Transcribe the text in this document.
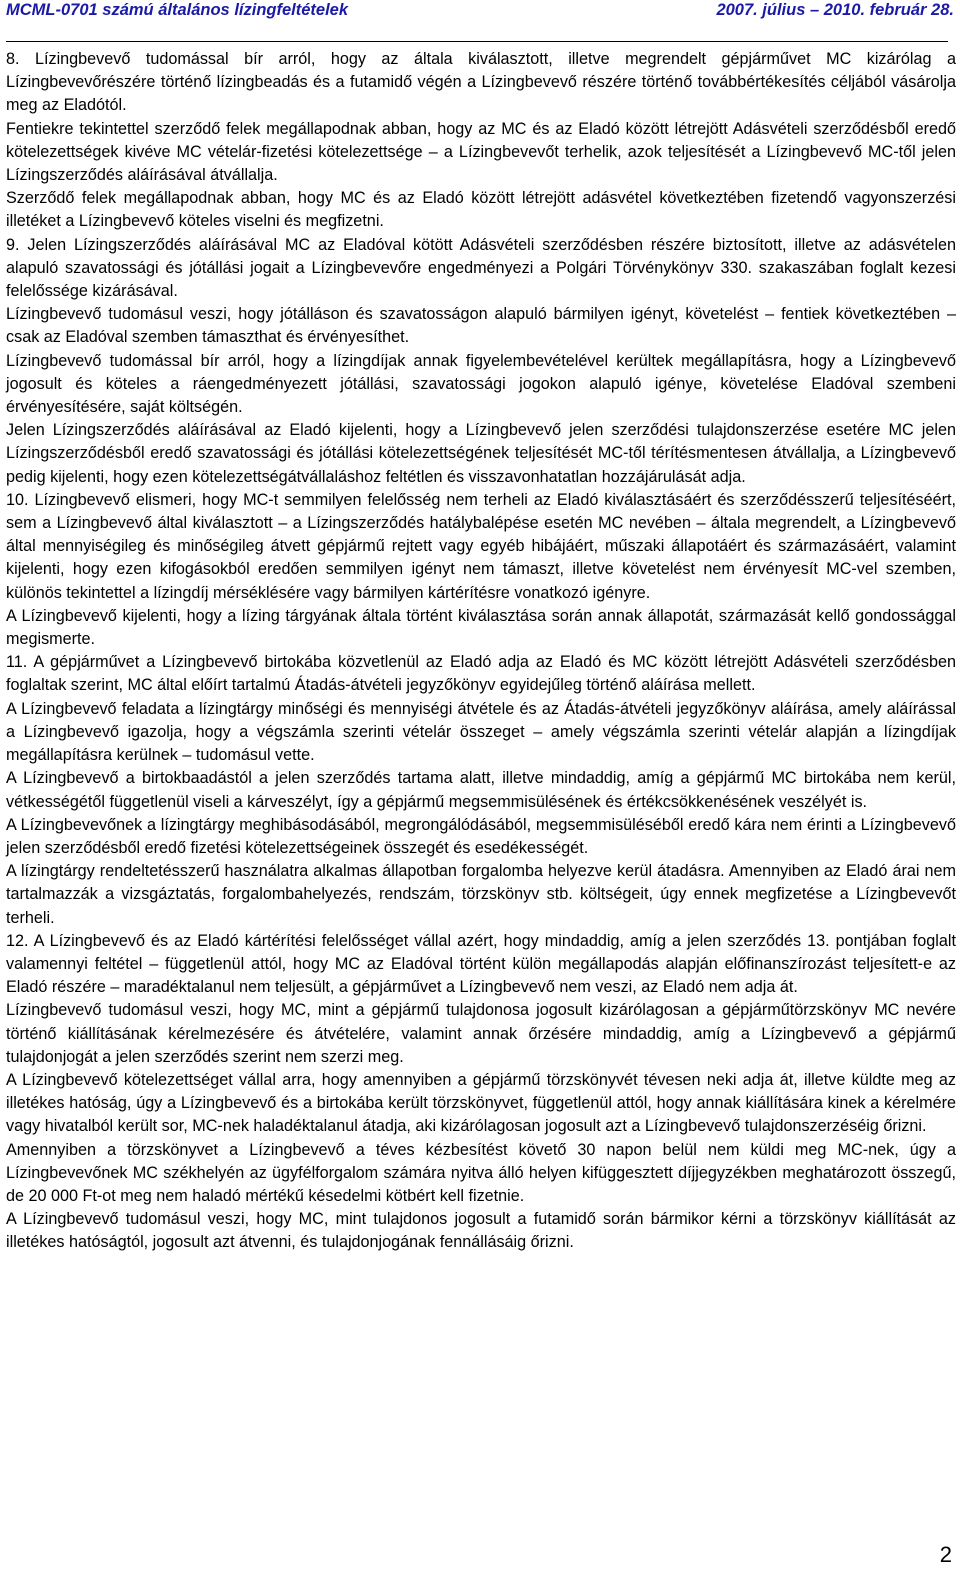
MCML-0701 számú általános lízingfeltételek	2007. július – 2010. február 28.

8. Lízingbevevő tudomással bír arról, hogy az általa kiválasztott, illetve megrendelt gépjárművet MC kizárólag a Lízingbevevőrészére történő lízingbeadás és a futamidő végén a Lízingbevevő részére történő továbbértékesítés céljából vásárolja meg az Eladótól.

Fentiekre tekintettel szerződő felek megállapodnak abban, hogy az MC és az Eladó között létrejött Adásvételi szerződésből eredő kötelezettségek kivéve MC vételár-fizetési kötelezettsége – a Lízingbevevőt terhelik, azok teljesítését a Lízingbevevő MC-től jelen Lízingszerződés aláírásával átvállalja.

Szerződő felek megállapodnak abban, hogy MC és az Eladó között létrejött adásvétel következtében fizetendő vagyonszerzési illetéket a Lízingbevevő köteles viselni és megfizetni.

9. Jelen Lízingszerződés aláírásával MC az Eladóval kötött Adásvételi szerződésben részére biztosított, illetve az adásvételen alapuló szavatossági és jótállási jogait a Lízingbevevőre engedményezi a Polgári Törvénykönyv 330. szakaszában foglalt kezesi felelőssége kizárásával.

Lízingbevevő tudomásul veszi, hogy jótálláson és szavatosságon alapuló bármilyen igényt, követelést – fentiek következtében – csak az Eladóval szemben támaszthat és érvényesíthet.

Lízingbevevő tudomással bír arról, hogy a lízingdíjak annak figyelembevételével kerültek megállapításra, hogy a Lízingbevevő jogosult és köteles a ráengedményezett jótállási, szavatossági jogokon alapuló igénye, követelése Eladóval szembeni érvényesítésére, saját költségén.

Jelen Lízingszerződés aláírásával az Eladó kijelenti, hogy a Lízingbevevő jelen szerződési tulajdonszerzése esetére MC jelen Lízingszerződésből eredő szavatossági és jótállási kötelezettségének teljesítését MC-től térítésmentesen átvállalja, a Lízingbevevő pedig kijelenti, hogy ezen kötelezettségátvállaláshoz feltétlen és visszavonhatatlan hozzájárulását adja.

10. Lízingbevevő elismeri, hogy MC-t semmilyen felelősség nem terheli az Eladó kiválasztásáért és szerződésszerű teljesítéséért, sem a Lízingbevevő által kiválasztott – a Lízingszerződés hatálybalépése esetén MC nevében – általa megrendelt, a Lízingbevevő által mennyiségileg és minőségileg átvett gépjármű rejtett vagy egyéb hibájáért, műszaki állapotáért és származásáért, valamint kijelenti, hogy ezen kifogásokból eredően semmilyen igényt nem támaszt, illetve követelést nem érvényesít MC-vel szemben, különös tekintettel a lízingdíj mérséklésére vagy bármilyen kártérítésre vonatkozó igényre.

A Lízingbevevő kijelenti, hogy a lízing tárgyának általa történt kiválasztása során annak állapotát, származását kellő gondossággal megismerte.

11. A gépjárművet a Lízingbevevő birtokába közvetlenül az Eladó adja az Eladó és MC között létrejött Adásvételi szerződésben foglaltak szerint, MC által előírt tartalmú Átadás-átvételi jegyzőkönyv egyidejűleg történő aláírása mellett.

A Lízingbevevő feladata a lízingtárgy minőségi és mennyiségi átvétele és az Átadás-átvételi jegyzőkönyv aláírása, amely aláírással a Lízingbevevő igazolja, hogy a végszámla szerinti vételár összeget – amely végszámla szerinti vételár alapján a lízingdíjak megállapításra kerülnek – tudomásul vette.

A Lízingbevevő a birtokbaadástól a jelen szerződés tartama alatt, illetve mindaddig, amíg a gépjármű MC birtokába nem kerül, vétkességétől függetlenül viseli a kárveszélyt, így a gépjármű megsemmisülésének és értékcsökkenésének veszélyét is.

A Lízingbevevőnek a lízingtárgy meghibásodásából, megrongálódásából, megsemmisüléséből eredő kára nem érinti a Lízingbevevő jelen szerződésből eredő fizetési kötelezettségeinek összegét és esedékességét.

A lízingtárgy rendeltetésszerű használatra alkalmas állapotban forgalomba helyezve kerül átadásra. Amennyiben az Eladó árai nem tartalmazzák a vizsgáztatás, forgalombahelyezés, rendszám, törzskönyv stb. költségeit, úgy ennek megfizetése a Lízingbevevőt terheli.

12. A Lízingbevevő és az Eladó kártérítési felelősséget vállal azért, hogy mindaddig, amíg a jelen szerződés 13. pontjában foglalt valamennyi feltétel – függetlenül attól, hogy MC az Eladóval történt külön megállapodás alapján előfinanszírozást teljesített-e az Eladó részére – maradéktalanul nem teljesült, a gépjárművet a Lízingbevevő nem veszi, az Eladó nem adja át.

Lízingbevevő tudomásul veszi, hogy MC, mint a gépjármű tulajdonosa jogosult kizárólagosan a gépjárműtörzskönyv MC nevére történő kiállításának kérelmezésére és átvételére, valamint annak őrzésére mindaddig, amíg a Lízingbevevő a gépjármű tulajdonjogát a jelen szerződés szerint nem szerzi meg.

A Lízingbevevő kötelezettséget vállal arra, hogy amennyiben a gépjármű törzskönyvét tévesen neki adja át, illetve küldte meg az illetékes hatóság, úgy a Lízingbevevő és a birtokába került törzskönyvet, függetlenül attól, hogy annak kiállítására kinek a kérelmére vagy hivatalból került sor, MC-nek haladéktalanul átadja, aki kizárólagosan jogosult azt a Lízingbevevő tulajdonszerzéséig őrizni.

Amennyiben a törzskönyvet a Lízingbevevő a téves kézbesítést követő 30 napon belül nem küldi meg MC-nek, úgy a Lízingbevevőnek MC székhelyén az ügyfélforgalom számára nyitva álló helyen kifüggesztett díjjegyzékben meghatározott összegű, de 20 000 Ft-ot meg nem haladó mértékű késedelmi kötbért kell fizetnie.

A Lízingbevevő tudomásul veszi, hogy MC, mint tulajdonos jogosult a futamidő során bármikor kérni a törzskönyv kiállítását az illetékes hatóságtól, jogosult azt átvenni, és tulajdonjogának fennállásáig őrizni.

2
